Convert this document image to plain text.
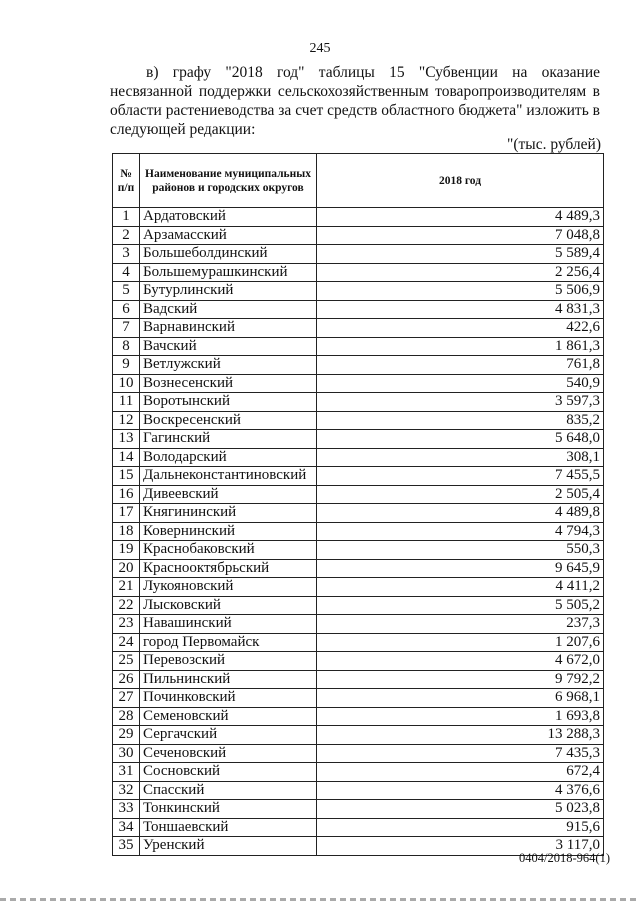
245

в) графу "2018 год" таблицы 15 "Субвенции на оказание несвязанной поддержки сельскохозяйственным товаропроизводителям в области растениеводства за счет средств областного бюджета" изложить в следующей редакции:

"(тыс. рублей)
№ п/п	Наименование муниципальных районов и городских округов	2018 год
1	Ардатовский	4 489,3
2	Арзамасский	7 048,8
3	Большеболдинский	5 589,4
4	Большемурашкинский	2 256,4
5	Бутурлинский	5 506,9
6	Вадский	4 831,3
7	Варнавинский	422,6
8	Вачский	1 861,3
9	Ветлужский	761,8
10	Вознесенский	540,9
11	Воротынский	3 597,3
12	Воскресенский	835,2
13	Гагинский	5 648,0
14	Володарский	308,1
15	Дальнеконстантиновский	7 455,5
16	Дивеевский	2 505,4
17	Княгининский	4 489,8
18	Ковернинский	4 794,3
19	Краснобаковский	550,3
20	Краснооктябрьский	9 645,9
21	Лукояновский	4 411,2
22	Лысковский	5 505,2
23	Навашинский	237,3
24	город Первомайск	1 207,6
25	Перевозский	4 672,0
26	Пильнинский	9 792,2
27	Починковский	6 968,1
28	Семеновский	1 693,8
29	Сергачский	13 288,3
30	Сеченовский	7 435,3
31	Сосновский	672,4
32	Спасский	4 376,6
33	Тонкинский	5 023,8
34	Тоншаевский	915,6
35	Уренский	3 117,0
0404/2018-964(1)
